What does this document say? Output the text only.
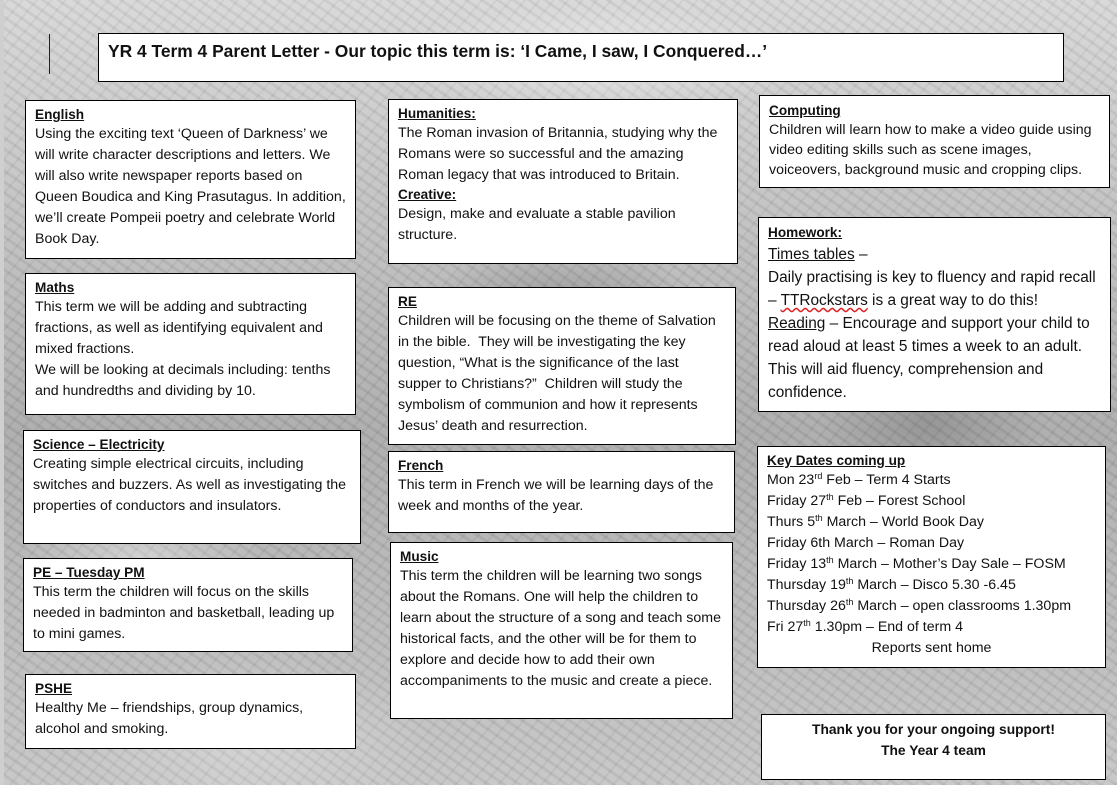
YR 4 Term 4 Parent Letter - Our topic this term is: ‘I Came, I saw, I Conquered…’
English

Using the exciting text ‘Queen of Darkness’ we will write character descriptions and letters. We will also write newspaper reports based on Queen Boudica and King Prasutagus. In addition, we’ll create Pompeii poetry and celebrate World Book Day.

Maths

This term we will be adding and subtracting fractions, as well as identifying equivalent and mixed fractions.

We will be looking at decimals including: tenths and hundredths and dividing by 10.

Science – Electricity

Creating simple electrical circuits, including switches and buzzers. As well as investigating the properties of conductors and insulators.

PE – Tuesday PM

This term the children will focus on the skills needed in badminton and basketball, leading up to mini games.

PSHE

Healthy Me – friendships, group dynamics, alcohol and smoking.

Humanities:

The Roman invasion of Britannia, studying why the Romans were so successful and the amazing Roman legacy that was introduced to Britain.

Creative:

Design, make and evaluate a stable pavilion structure.

RE

Children will be focusing on the theme of Salvation in the bible.  They will be investigating the key question, “What is the significance of the last supper to Christians?”  Children will study the symbolism of communion and how it represents Jesus’ death and resurrection.

French

This term in French we will be learning days of the week and months of the year.

Music

This term the children will be learning two songs about the Romans. One will help the children to learn about the structure of a song and teach some historical facts, and the other will be for them to explore and decide how to add their own accompaniments to the music and create a piece.

Computing

Children will learn how to make a video guide using video editing skills such as scene images, voiceovers, background music and cropping clips.

Homework:

Times tables –

Daily practising is key to fluency and rapid recall – TTRockstars is a great way to do this!

Reading – Encourage and support your child to read aloud at least 5 times a week to an adult. This will aid fluency, comprehension and confidence.

Key Dates coming up

Mon 23rd Feb – Term 4 Starts

Friday 27th Feb – Forest School

Thurs 5th March – World Book Day

Friday 6th March – Roman Day

Friday 13th March – Mother’s Day Sale – FOSM

Thursday 19th March – Disco 5.30 -6.45

Thursday 26th March – open classrooms 1.30pm

Fri 27th 1.30pm – End of term 4

Reports sent home

Thank you for your ongoing support!

The Year 4 team
